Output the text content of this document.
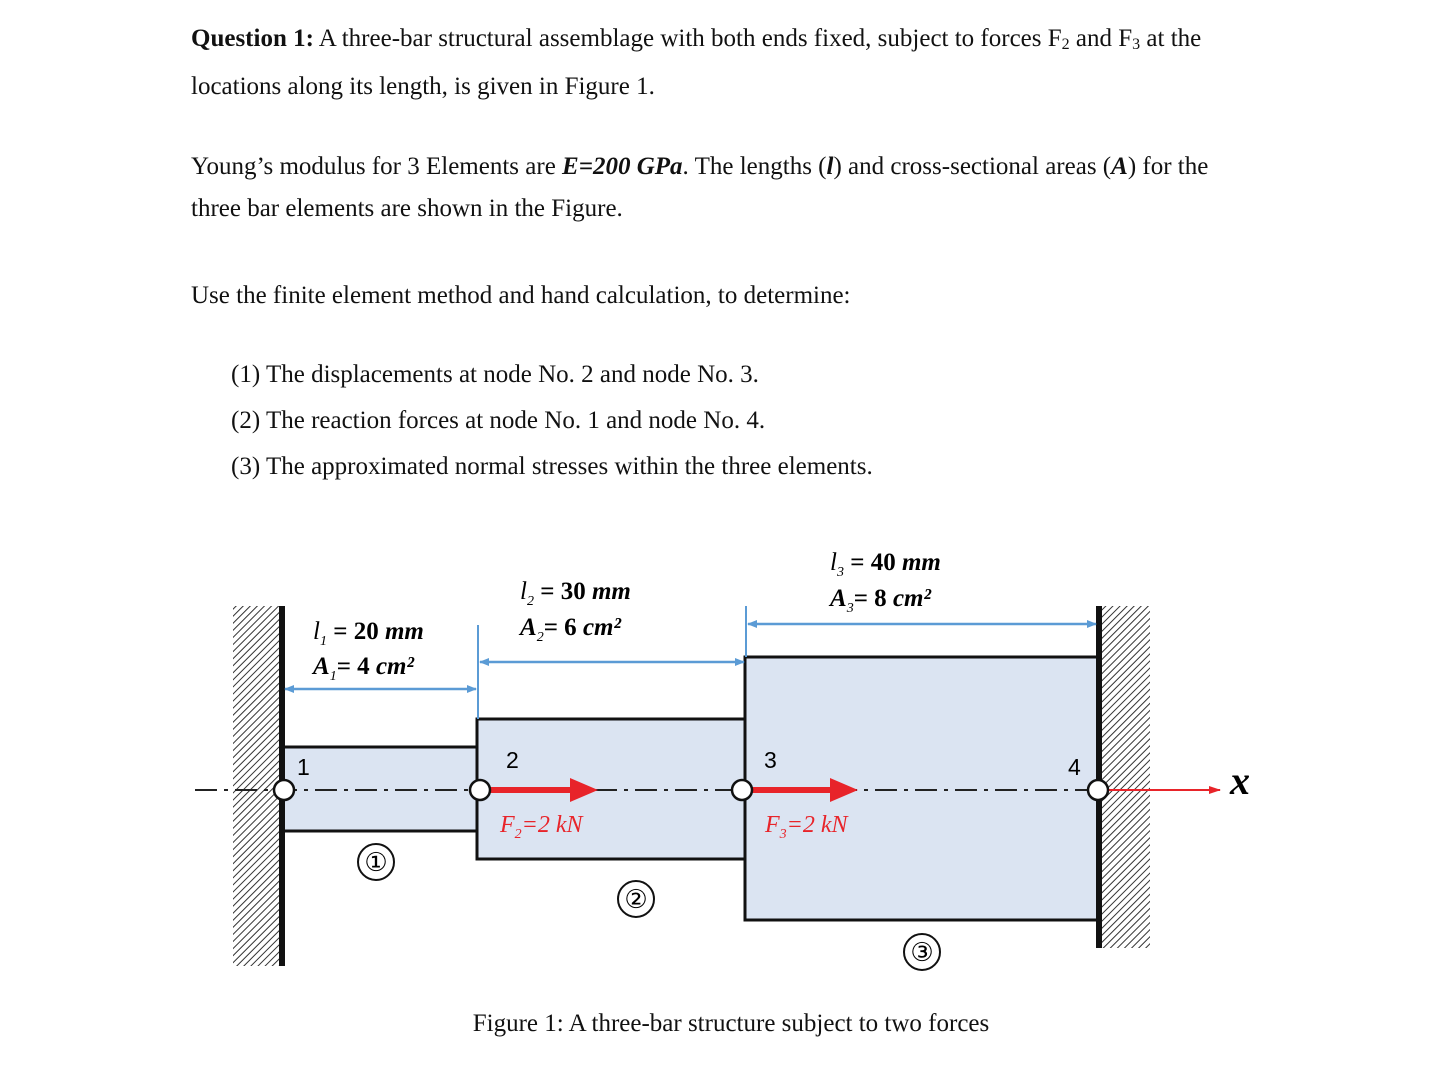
Question 1: A three-bar structural assemblage with both ends fixed, subject to forces $F_2$ and $F_3$ at the locations along its length, is given in Figure 1.
Young’s modulus for 3 Elements are E=200 GPa. The lengths (l) and cross-sectional areas (A) for the three bar elements are shown in the Figure.
Use the finite element method and hand calculation, to determine:
(1) The displacements at node No. 2 and node No. 3.
(2) The reaction forces at node No. 1 and node No. 4.
(3) The approximated normal stresses within the three elements.
l1 = 20 mm
A1= 4 cm²
l2 = 30 mm
A2= 6 cm²
l3 = 40 mm
A3= 8 cm²
x
1	2	3	4
$F_2=2$ kN	$F_3=2$ kN
①
②
③
Figure 1: A three-bar structure subject to two forces
